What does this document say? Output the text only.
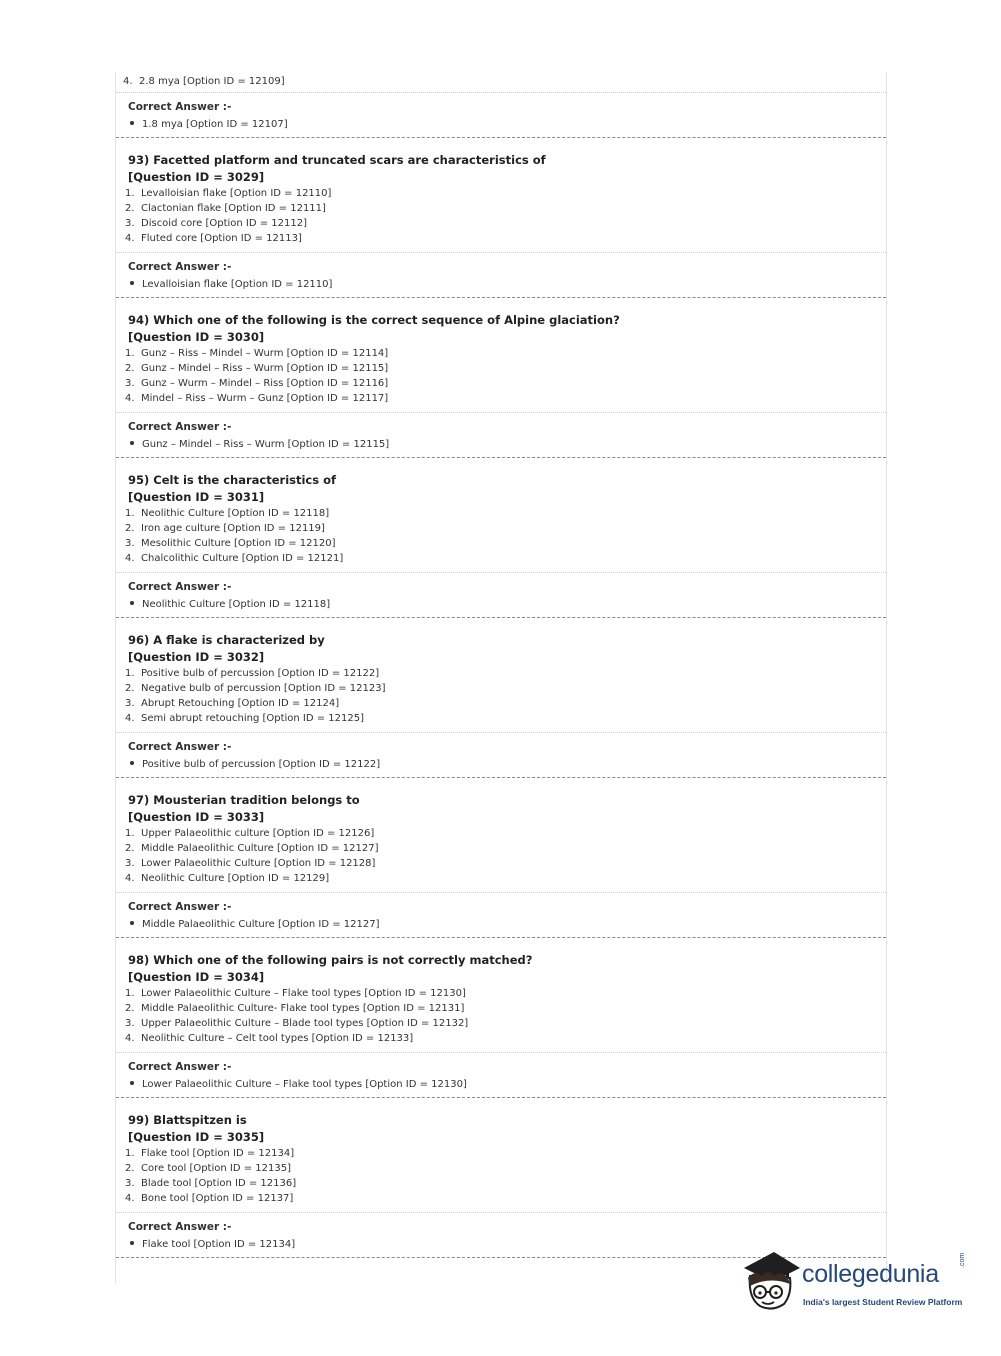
4. 2.8 mya [Option ID = 12109]
Correct Answer :-
1.8 mya [Option ID = 12107]
93) Facetted platform and truncated scars are characteristics of
[Question ID = 3029]
1. Levalloisian flake [Option ID = 12110]
2. Clactonian flake [Option ID = 12111]
3. Discoid core [Option ID = 12112]
4. Fluted core [Option ID = 12113]
Correct Answer :-
Levalloisian flake [Option ID = 12110]
94) Which one of the following is the correct sequence of Alpine glaciation?
[Question ID = 3030]
1. Gunz – Riss – Mindel – Wurm [Option ID = 12114]
2. Gunz – Mindel – Riss – Wurm [Option ID = 12115]
3. Gunz – Wurm – Mindel – Riss [Option ID = 12116]
4. Mindel – Riss – Wurm – Gunz [Option ID = 12117]
Correct Answer :-
Gunz – Mindel – Riss – Wurm [Option ID = 12115]
95) Celt is the characteristics of
[Question ID = 3031]
1. Neolithic Culture [Option ID = 12118]
2. Iron age culture [Option ID = 12119]
3. Mesolithic Culture [Option ID = 12120]
4. Chalcolithic Culture [Option ID = 12121]
Correct Answer :-
Neolithic Culture [Option ID = 12118]
96) A flake is characterized by
[Question ID = 3032]
1. Positive bulb of percussion [Option ID = 12122]
2. Negative bulb of percussion [Option ID = 12123]
3. Abrupt Retouching [Option ID = 12124]
4. Semi abrupt retouching [Option ID = 12125]
Correct Answer :-
Positive bulb of percussion [Option ID = 12122]
97) Mousterian tradition belongs to
[Question ID = 3033]
1. Upper Palaeolithic culture [Option ID = 12126]
2. Middle Palaeolithic Culture [Option ID = 12127]
3. Lower Palaeolithic Culture [Option ID = 12128]
4. Neolithic Culture [Option ID = 12129]
Correct Answer :-
Middle Palaeolithic Culture [Option ID = 12127]
98) Which one of the following pairs is not correctly matched?
[Question ID = 3034]
1. Lower Palaeolithic Culture – Flake tool types [Option ID = 12130]
2. Middle Palaeolithic Culture- Flake tool types [Option ID = 12131]
3. Upper Palaeolithic Culture – Blade tool types [Option ID = 12132]
4. Neolithic Culture – Celt tool types [Option ID = 12133]
Correct Answer :-
Lower Palaeolithic Culture – Flake tool types [Option ID = 12130]
99) Blattspitzen is
[Question ID = 3035]
1. Flake tool [Option ID = 12134]
2. Core tool [Option ID = 12135]
3. Blade tool [Option ID = 12136]
4. Bone tool [Option ID = 12137]
Correct Answer :-
Flake tool [Option ID = 12134]
collegedunia	.com
India's largest Student Review Platform
